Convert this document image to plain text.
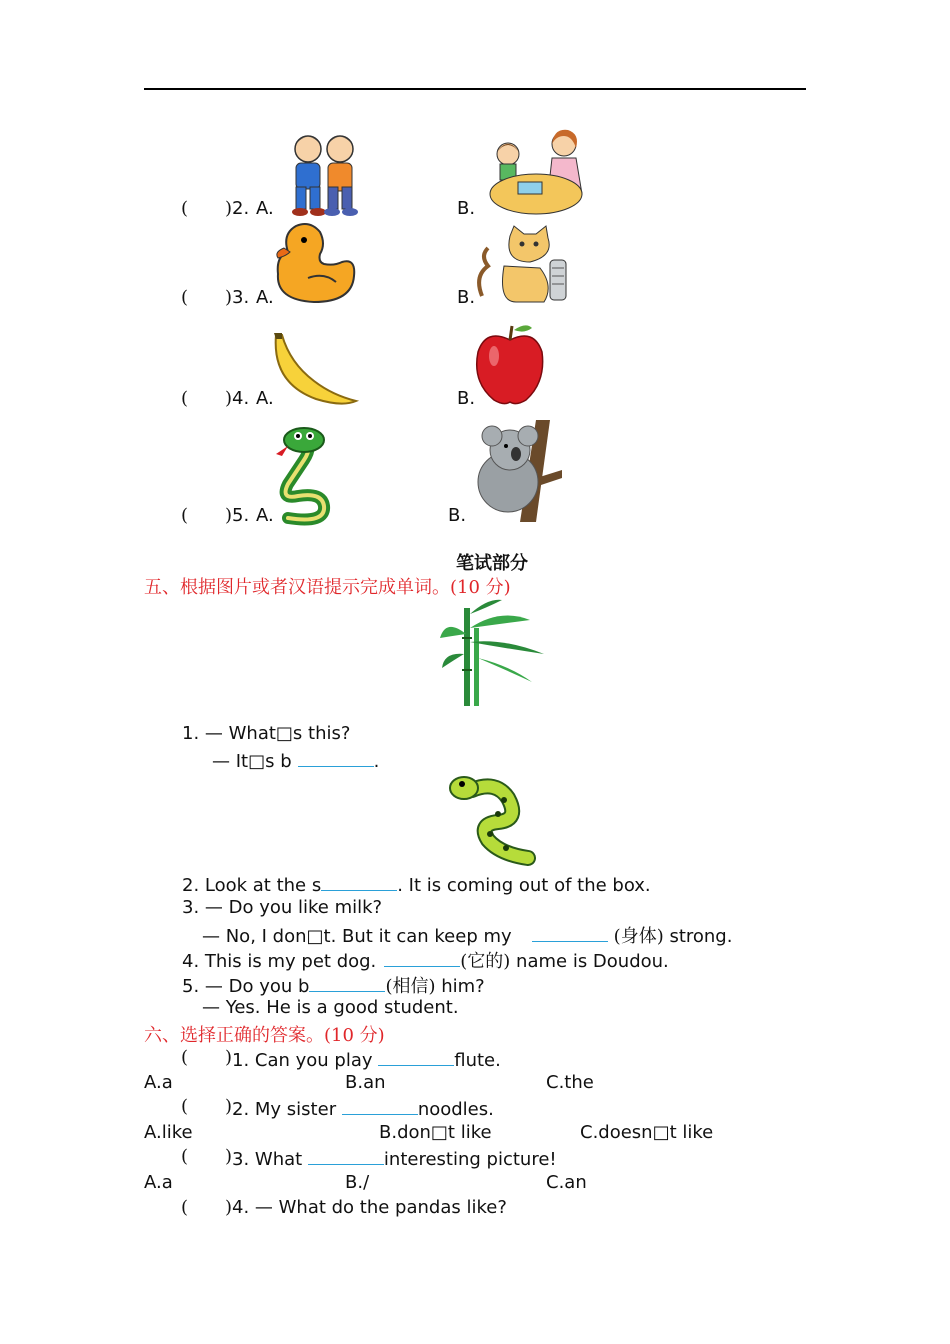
( ) 2. A.	B.
( ) 3. A.	B.
( ) 4. A.	B.
( ) 5. A.	B.
笔试部分
五、根据图片或者汉语提示完成单词。(10 分)
1. — What□s this?
— It□s b	.
2. Look at the s	. It is coming out of the box.
3. — Do you like milk?
— No, I don□t. But it can keep my	(身体) strong.
4. This is my pet dog.	(它的) name is Doudou.
5. — Do you b	(相信) him?
— Yes. He is a good student.
六、选择正确的答案。(10 分)
( ) 1. Can you play	flute.
A.a	B.an	C.the
( ) 2. My sister	noodles.
A.like	B.don□t like	C.doesn□t like
( ) 3. What	interesting picture!
A.a	B./	C.an
( ) 4. — What do the pandas like?
